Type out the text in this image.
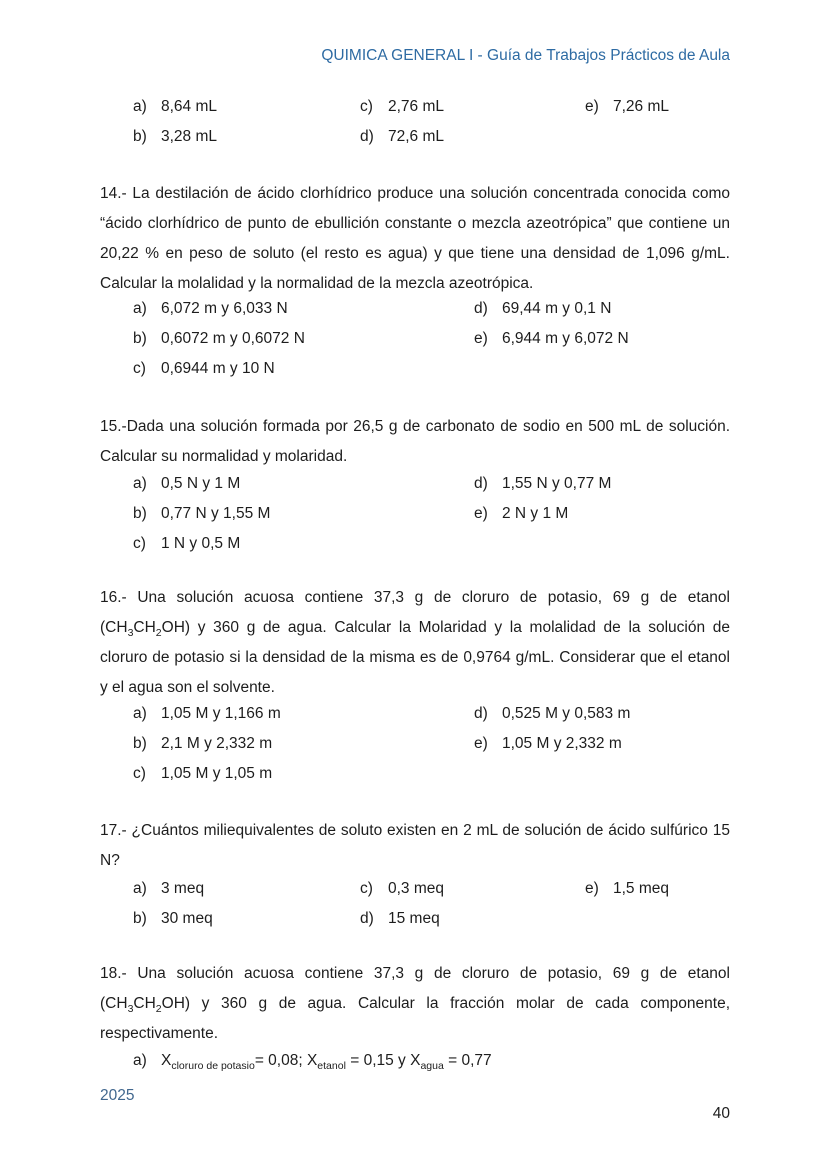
QUIMICA GENERAL I - Guía de Trabajos Prácticos de Aula
a) 8,64 mL
b) 3,28 mL
c) 2,76 mL
d) 72,6 mL
e) 7,26 mL

14.- La destilación de ácido clorhídrico produce una solución concentrada conocida como “ácido clorhídrico de punto de ebullición constante o mezcla azeotrópica” que contiene un 20,22 % en peso de soluto (el resto es agua) y que tiene una densidad de 1,096 g/mL. Calcular la molalidad y la normalidad de la mezcla azeotrópica.

a) 6,072 m y 6,033 N
b) 0,6072 m y 0,6072 N
c) 0,6944 m y 10 N
d) 69,44 m y 0,1 N
e) 6,944 m y 6,072 N

15.-Dada una solución formada por 26,5 g de carbonato de sodio en 500 mL de solución. Calcular su normalidad y molaridad.

a) 0,5 N y 1 M
b) 0,77 N y 1,55 M
c) 1 N y 0,5 M
d) 1,55 N y 0,77 M
e) 2 N y 1 M

16.- Una solución acuosa contiene 37,3 g de cloruro de potasio, 69 g de etanol $(CH_3CH_2OH)$ y 360 g de agua. Calcular la Molaridad y la molalidad de la solución de cloruro de potasio si la densidad de la misma es de 0,9764 g/mL. Considerar que el etanol y el agua son el solvente.

a) 1,05 M y 1,166 m
b) 2,1 M y 2,332 m
c) 1,05 M y 1,05 m
d) 0,525 M y 0,583 m
e) 1,05 M y 2,332 m

17.- ¿Cuántos miliequivalentes de soluto existen en 2 mL de solución de ácido sulfúrico 15 N?

a) 3 meq
b) 30 meq
c) 0,3 meq
d) 15 meq
e) 1,5 meq

18.- Una solución acuosa contiene 37,3 g de cloruro de potasio, 69 g de etanol $(CH_3CH_2OH)$ y 360 g de agua. Calcular la fracción molar de cada componente, respectivamente.

a) $X_{cloruro de potasio}= 0,08$; $X_{etanol} = 0,15$ y $X_{agua} = 0,77$
2025
40
